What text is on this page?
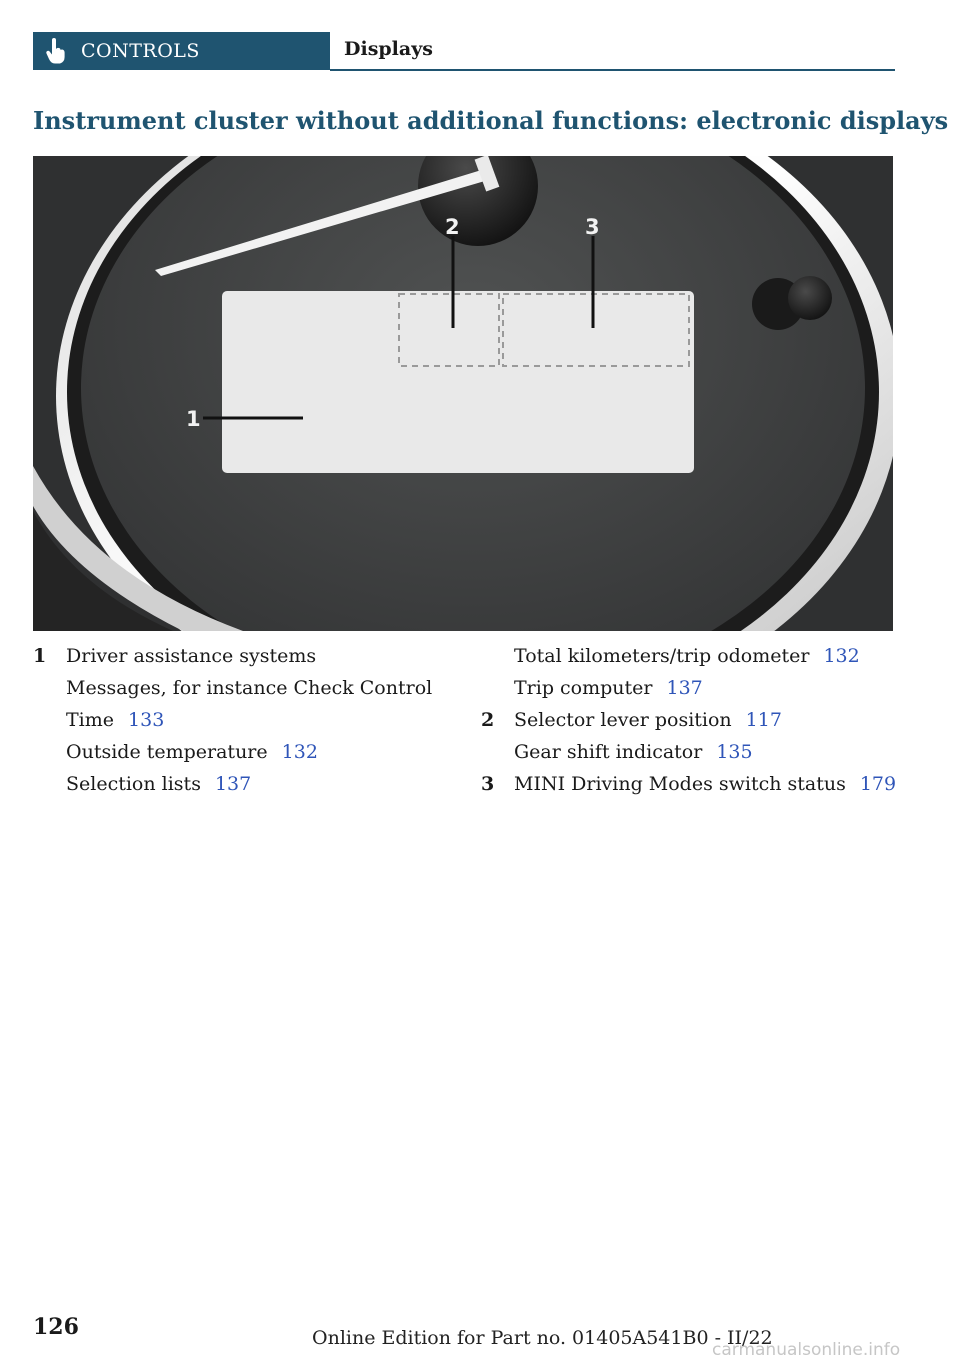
CONTROLS	Displays
Instrument cluster without additional functions: electronic displays
2	3
1
1 Driver assistance systems
Messages, for instance Check Control
Time 133
Outside temperature 132
Selection lists 137
Total kilometers/trip odometer 132
Trip computer 137
2 Selector lever position 117
Gear shift indicator 135
3 MINI Driving Modes switch status 179
126	Online Edition for Part no. 01405A541B0 - II/22
carmanualsonline.info
